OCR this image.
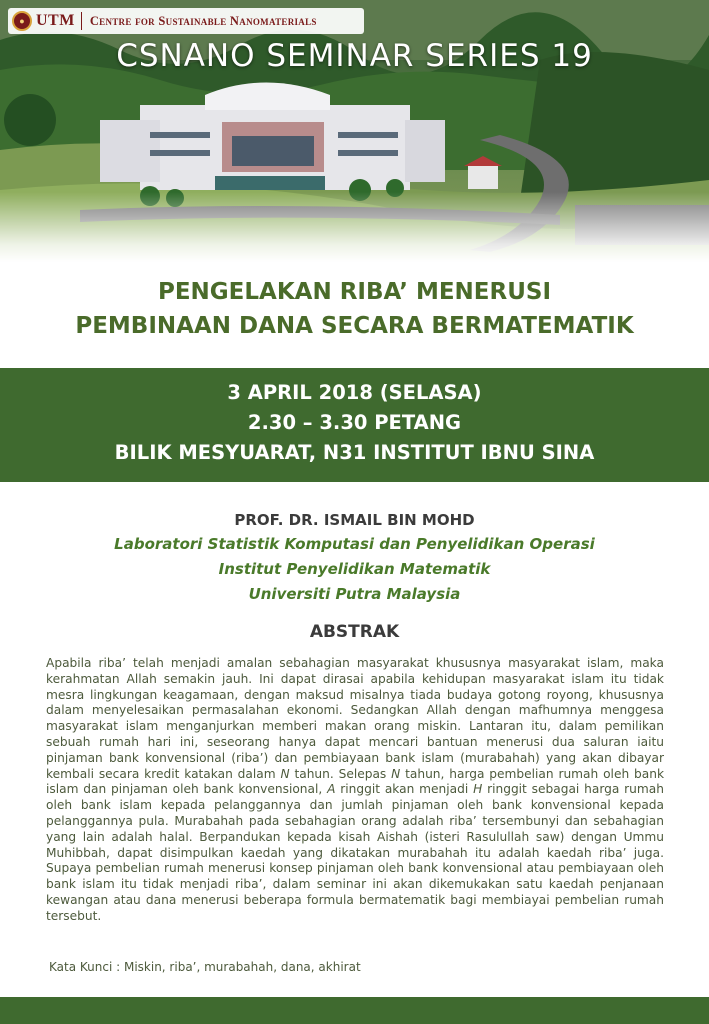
● UTM Centre for Sustainable Nanomaterials
CSNANO SEMINAR SERIES 19
PENGELAKAN RIBA’ MENERUSI
PEMBINAAN DANA SECARA BERMATEMATIK
3 APRIL 2018 (SELASA)
2.30 – 3.30 PETANG
BILIK MESYUARAT, N31 INSTITUT IBNU SINA
PROF. DR. ISMAIL BIN MOHD
Laboratori Statistik Komputasi dan Penyelidikan Operasi
Institut Penyelidikan Matematik
Universiti Putra Malaysia
ABSTRAK

Apabila riba’ telah menjadi amalan sebahagian masyarakat khususnya masyarakat islam, maka kerahmatan Allah semakin jauh. Ini dapat dirasai apabila kehidupan masyarakat islam itu tidak mesra lingkungan keagamaan, dengan maksud misalnya tiada budaya gotong royong, khususnya dalam menyelesaikan permasalahan ekonomi. Sedangkan Allah dengan mafhumnya menggesa masyarakat islam menganjurkan memberi makan orang miskin. Lantaran itu, dalam pemilikan sebuah rumah hari ini, seseorang hanya dapat mencari bantuan menerusi dua saluran iaitu pinjaman bank konvensional (riba’) dan pembiayaan bank islam (murabahah) yang akan dibayar kembali secara kredit katakan dalam N tahun. Selepas N tahun, harga pembelian rumah oleh bank islam dan pinjaman oleh bank konvensional, A ringgit akan menjadi H ringgit sebagai harga rumah oleh bank islam kepada pelanggannya dan jumlah pinjaman oleh bank konvensional kepada pelanggannya pula. Murabahah pada sebahagian orang adalah riba’ tersembunyi dan sebahagian yang lain adalah halal. Berpandukan kepada kisah Aishah (isteri Rasulullah saw) dengan Ummu Muhibbah, dapat disimpulkan kaedah yang dikatakan murabahah itu adalah kaedah riba’ juga. Supaya pembelian rumah menerusi konsep pinjaman oleh bank konvensional atau pembiayaan oleh bank islam itu tidak menjadi riba’, dalam seminar ini akan dikemukakan satu kaedah penjanaan kewangan atau dana menerusi beberapa formula bermatematik bagi membiayai pembelian rumah tersebut.

Kata Kunci : Miskin, riba’, murabahah, dana, akhirat
